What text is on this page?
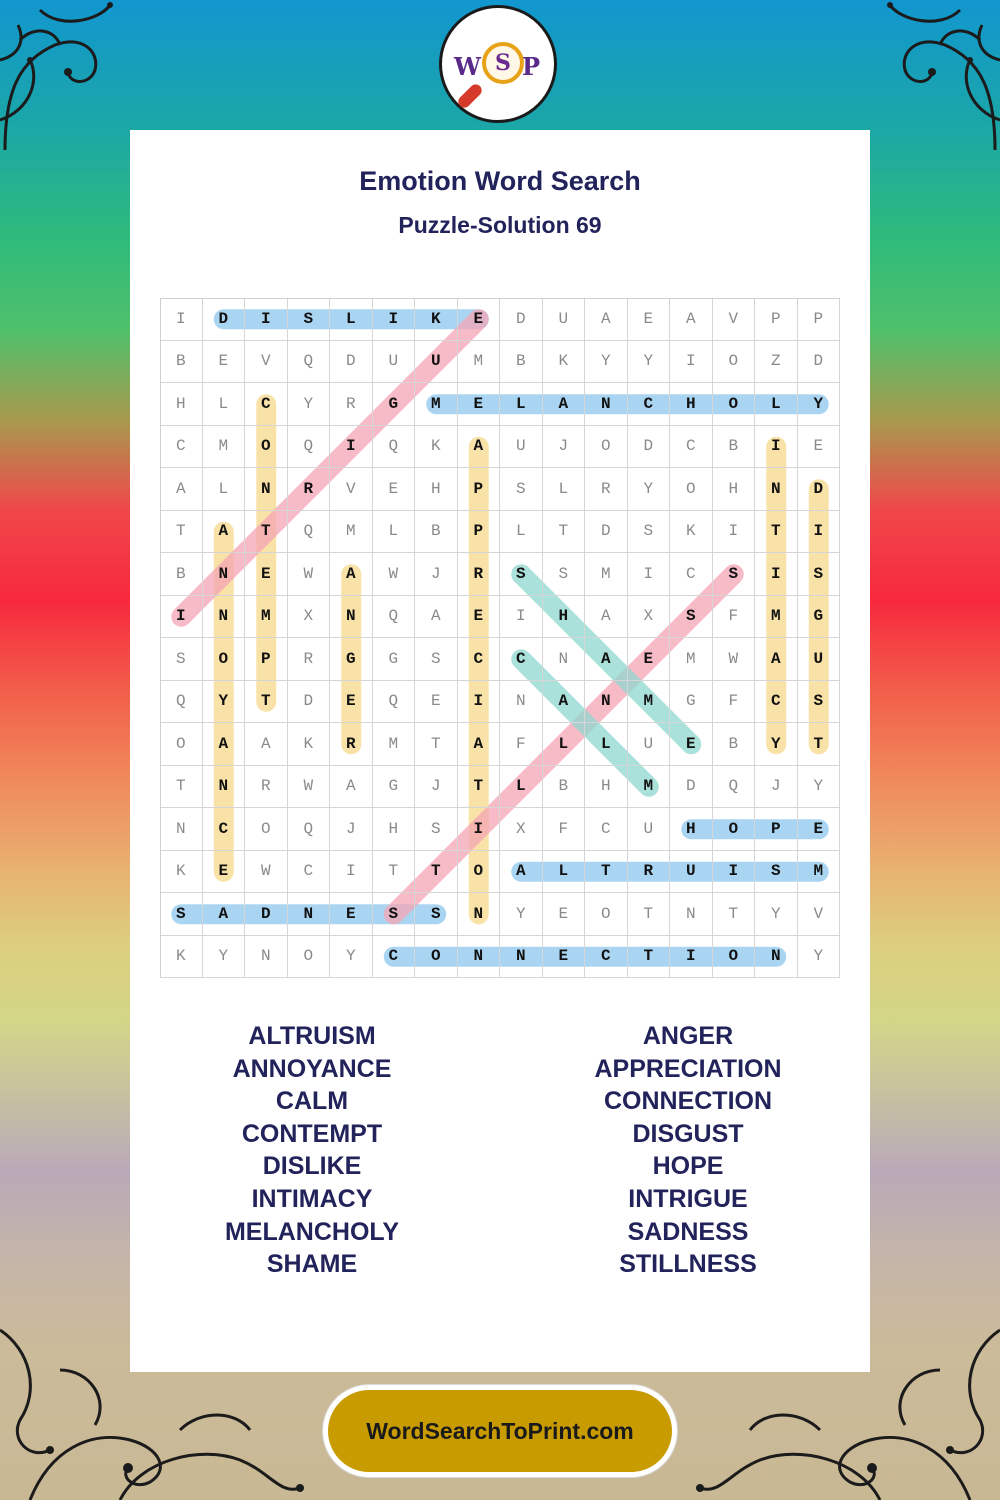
W S P
Emotion Word Search
Puzzle-Solution 69
I	D	I	S	L	I	K	E	D	U	A	E	A	V	P	P
B	E	V	Q	D	U	U	M	B	K	Y	Y	I	O	Z	D
H	L	C	Y	R	G	M	E	L	A	N	C	H	O	L	Y
C	M	O	Q	I	Q	K	A	U	J	O	D	C	B	I	E
A	L	N	R	V	E	H	P	S	L	R	Y	O	H	N	D
T	A	T	Q	M	L	B	P	L	T	D	S	K	I	T	I
B	N	E	W	A	W	J	R	S	S	M	I	C	S	I	S
I	N	M	X	N	Q	A	E	I	H	A	X	S	F	M	G
S	O	P	R	G	G	S	C	C	N	A	E	M	W	A	U
Q	Y	T	D	E	Q	E	I	N	A	N	M	G	F	C	S
O	A	A	K	R	M	T	A	F	L	L	U	E	B	Y	T
T	N	R	W	A	G	J	T	L	B	H	M	D	Q	J	Y
N	C	O	Q	J	H	S	I	X	F	C	U	H	O	P	E
K	E	W	C	I	T	T	O	A	L	T	R	U	I	S	M
S	A	D	N	E	S	S	N	Y	E	O	T	N	T	Y	V
K	Y	N	O	Y	C	O	N	N	E	C	T	I	O	N	Y
ALTRUISM
ANNOYANCE
CALM
CONTEMPT
DISLIKE
INTIMACY
MELANCHOLY
SHAME
ANGER
APPRECIATION
CONNECTION
DISGUST
HOPE
INTRIGUE
SADNESS
STILLNESS
WordSearchToPrint.com
